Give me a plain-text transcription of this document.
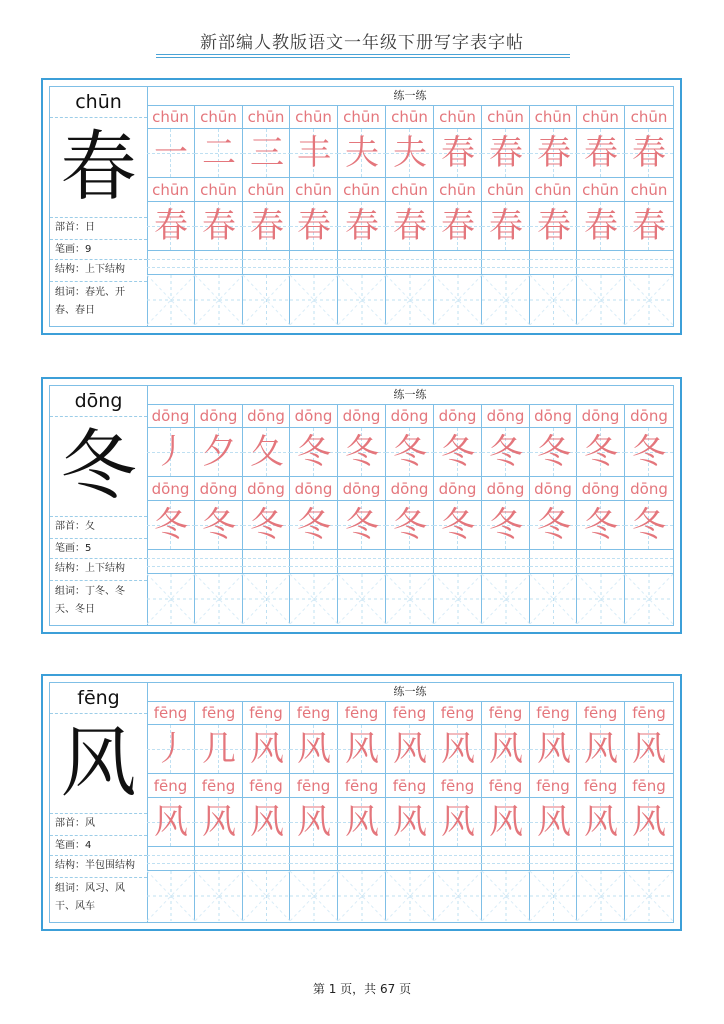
新部编人教版语文一年级下册写字表字帖
chūn
春
部首：日
笔画：9
结构：上下结构
组词：春光、开
春、春日
练一练
chūn
一
chūn
春
chūn
二
chūn
春
chūn
三
chūn
春
chūn
丰
chūn
春
chūn
夫
chūn
春
chūn
夫
chūn
春
chūn
春
chūn
春
chūn
春
chūn
春
chūn
春
chūn
春
chūn
春
chūn
春
chūn
春
chūn
春
dōng
冬
部首：夂
笔画：5
结构：上下结构
组词：丁冬、冬
天、冬日
练一练
dōng
丿
dōng
冬
dōng
夕
dōng
冬
dōng
夂
dōng
冬
dōng
冬
dōng
冬
dōng
冬
dōng
冬
dōng
冬
dōng
冬
dōng
冬
dōng
冬
dōng
冬
dōng
冬
dōng
冬
dōng
冬
dōng
冬
dōng
冬
dōng
冬
dōng
冬
fēng
风
部首：风
笔画：4
结构：半包围结构
组词：风习、风
干、风车
练一练
fēng
丿
fēng
风
fēng
几
fēng
风
fēng
风
fēng
风
fēng
风
fēng
风
fēng
风
fēng
风
fēng
风
fēng
风
fēng
风
fēng
风
fēng
风
fēng
风
fēng
风
fēng
风
fēng
风
fēng
风
fēng
风
fēng
风
第 1 页，共 67 页
